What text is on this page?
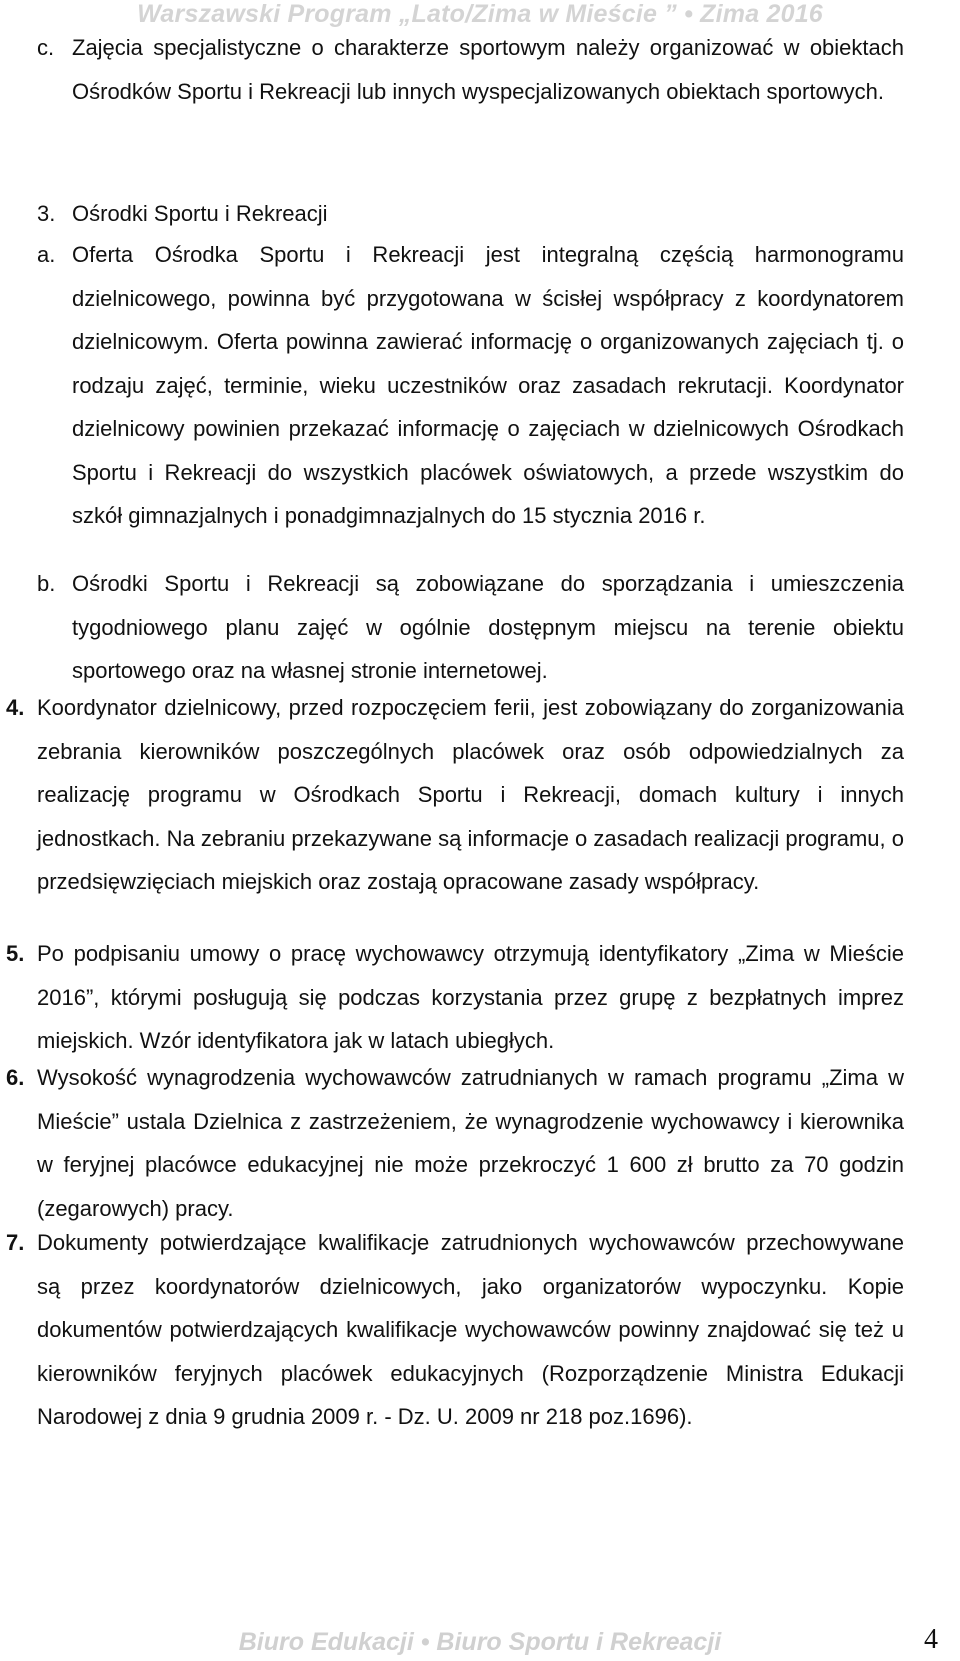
Warszawski Program „Lato/Zima w Mieście ” • Zima 2016
c. Zajęcia specjalistyczne o charakterze sportowym należy organizować w obiektach Ośrodków Sportu i Rekreacji lub innych wyspecjalizowanych obiektach sportowych.

3. Ośrodki Sportu i Rekreacji
a. Oferta Ośrodka Sportu i Rekreacji jest integralną częścią harmonogramu dzielnicowego, powinna być przygotowana w ścisłej współpracy z koordynatorem dzielnicowym. Oferta powinna zawierać informację o organizowanych zajęciach tj. o rodzaju zajęć, terminie, wieku uczestników oraz zasadach rekrutacji. Koordynator dzielnicowy powinien przekazać informację o zajęciach w dzielnicowych Ośrodkach Sportu i Rekreacji do wszystkich placówek oświatowych, a przede wszystkim do szkół gimnazjalnych i ponadgimnazjalnych do 15 stycznia 2016 r.

b. Ośrodki Sportu i Rekreacji są zobowiązane do sporządzania i umieszczenia tygodniowego planu zajęć w ogólnie dostępnym miejscu na terenie obiektu sportowego oraz na własnej stronie internetowej.

4. Koordynator dzielnicowy, przed rozpoczęciem ferii, jest zobowiązany do zorganizowania zebrania kierowników poszczególnych placówek oraz osób odpowiedzialnych za realizację programu w Ośrodkach Sportu i Rekreacji, domach kultury i innych jednostkach. Na zebraniu przekazywane są informacje o zasadach realizacji programu, o przedsięwzięciach miejskich oraz zostają opracowane zasady współpracy.

5. Po podpisaniu umowy o pracę wychowawcy otrzymują identyfikatory „Zima w Mieście 2016”, którymi posługują się podczas korzystania przez grupę z bezpłatnych imprez miejskich. Wzór identyfikatora jak w latach ubiegłych.

6. Wysokość wynagrodzenia wychowawców zatrudnianych w ramach programu „Zima w Mieście” ustala Dzielnica z zastrzeżeniem, że wynagrodzenie wychowawcy i kierownika w feryjnej placówce edukacyjnej nie może przekroczyć 1 600 zł brutto za 70 godzin (zegarowych) pracy.

7. Dokumenty potwierdzające kwalifikacje zatrudnionych wychowawców przechowywane są przez koordynatorów dzielnicowych, jako organizatorów wypoczynku. Kopie dokumentów potwierdzających kwalifikacje wychowawców powinny znajdować się też u kierowników feryjnych placówek edukacyjnych (Rozporządzenie Ministra Edukacji Narodowej z dnia 9 grudnia 2009 r. - Dz. U. 2009 nr 218 poz.1696).

Biuro Edukacji • Biuro Sportu i Rekreacji	4
